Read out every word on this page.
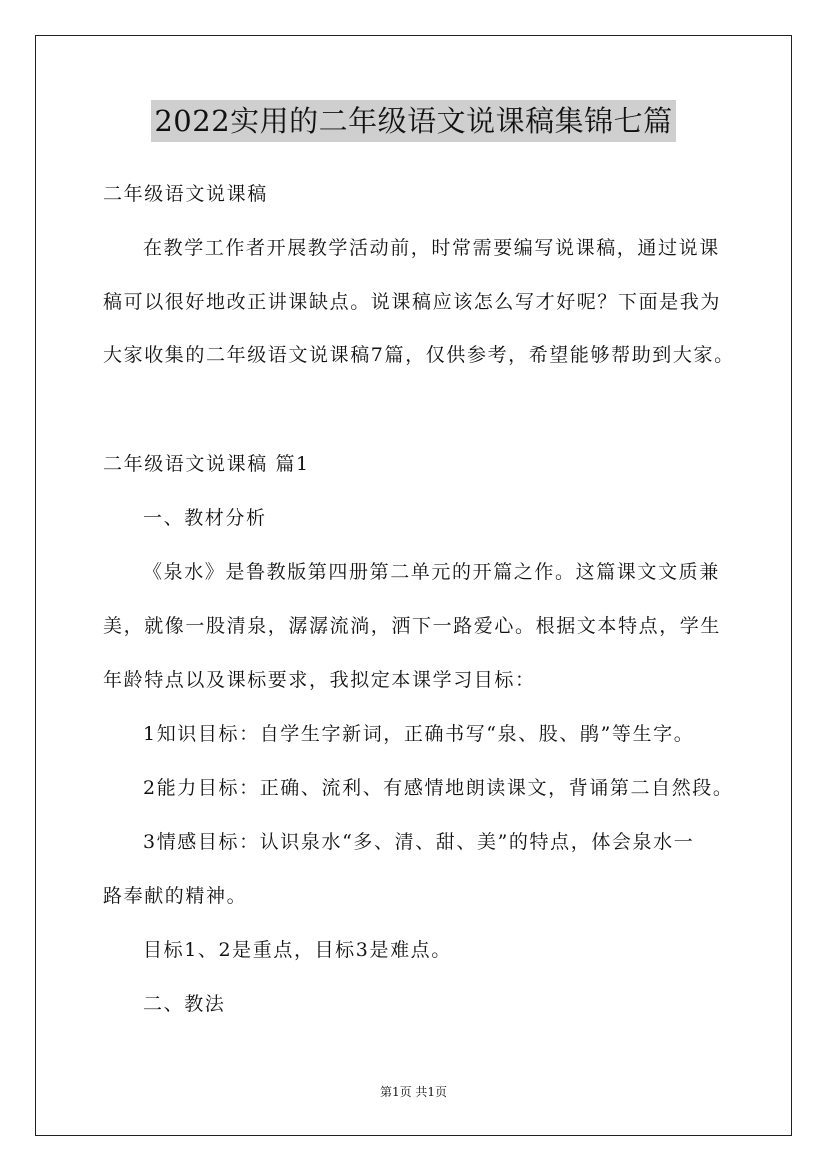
2022实用的二年级语文说课稿集锦七篇
二年级语文说课稿
在教学工作者开展教学活动前，时常需要编写说课稿，通过说课
稿可以很好地改正讲课缺点。说课稿应该怎么写才好呢？下面是我为
大家收集的二年级语文说课稿7篇，仅供参考，希望能够帮助到大家。
二年级语文说课稿 篇1
一、教材分析
《泉水》是鲁教版第四册第二单元的开篇之作。这篇课文文质兼
美，就像一股清泉，潺潺流淌，洒下一路爱心。根据文本特点，学生
年龄特点以及课标要求，我拟定本课学习目标：
1知识目标：自学生字新词，正确书写“泉、股、鹃”等生字。
2能力目标：正确、流利、有感情地朗读课文，背诵第二自然段。
3情感目标：认识泉水“多、清、甜、美”的特点，体会泉水一
路奉献的精神。
目标1、2是重点，目标3是难点。
二、教法
第1页 共1页
